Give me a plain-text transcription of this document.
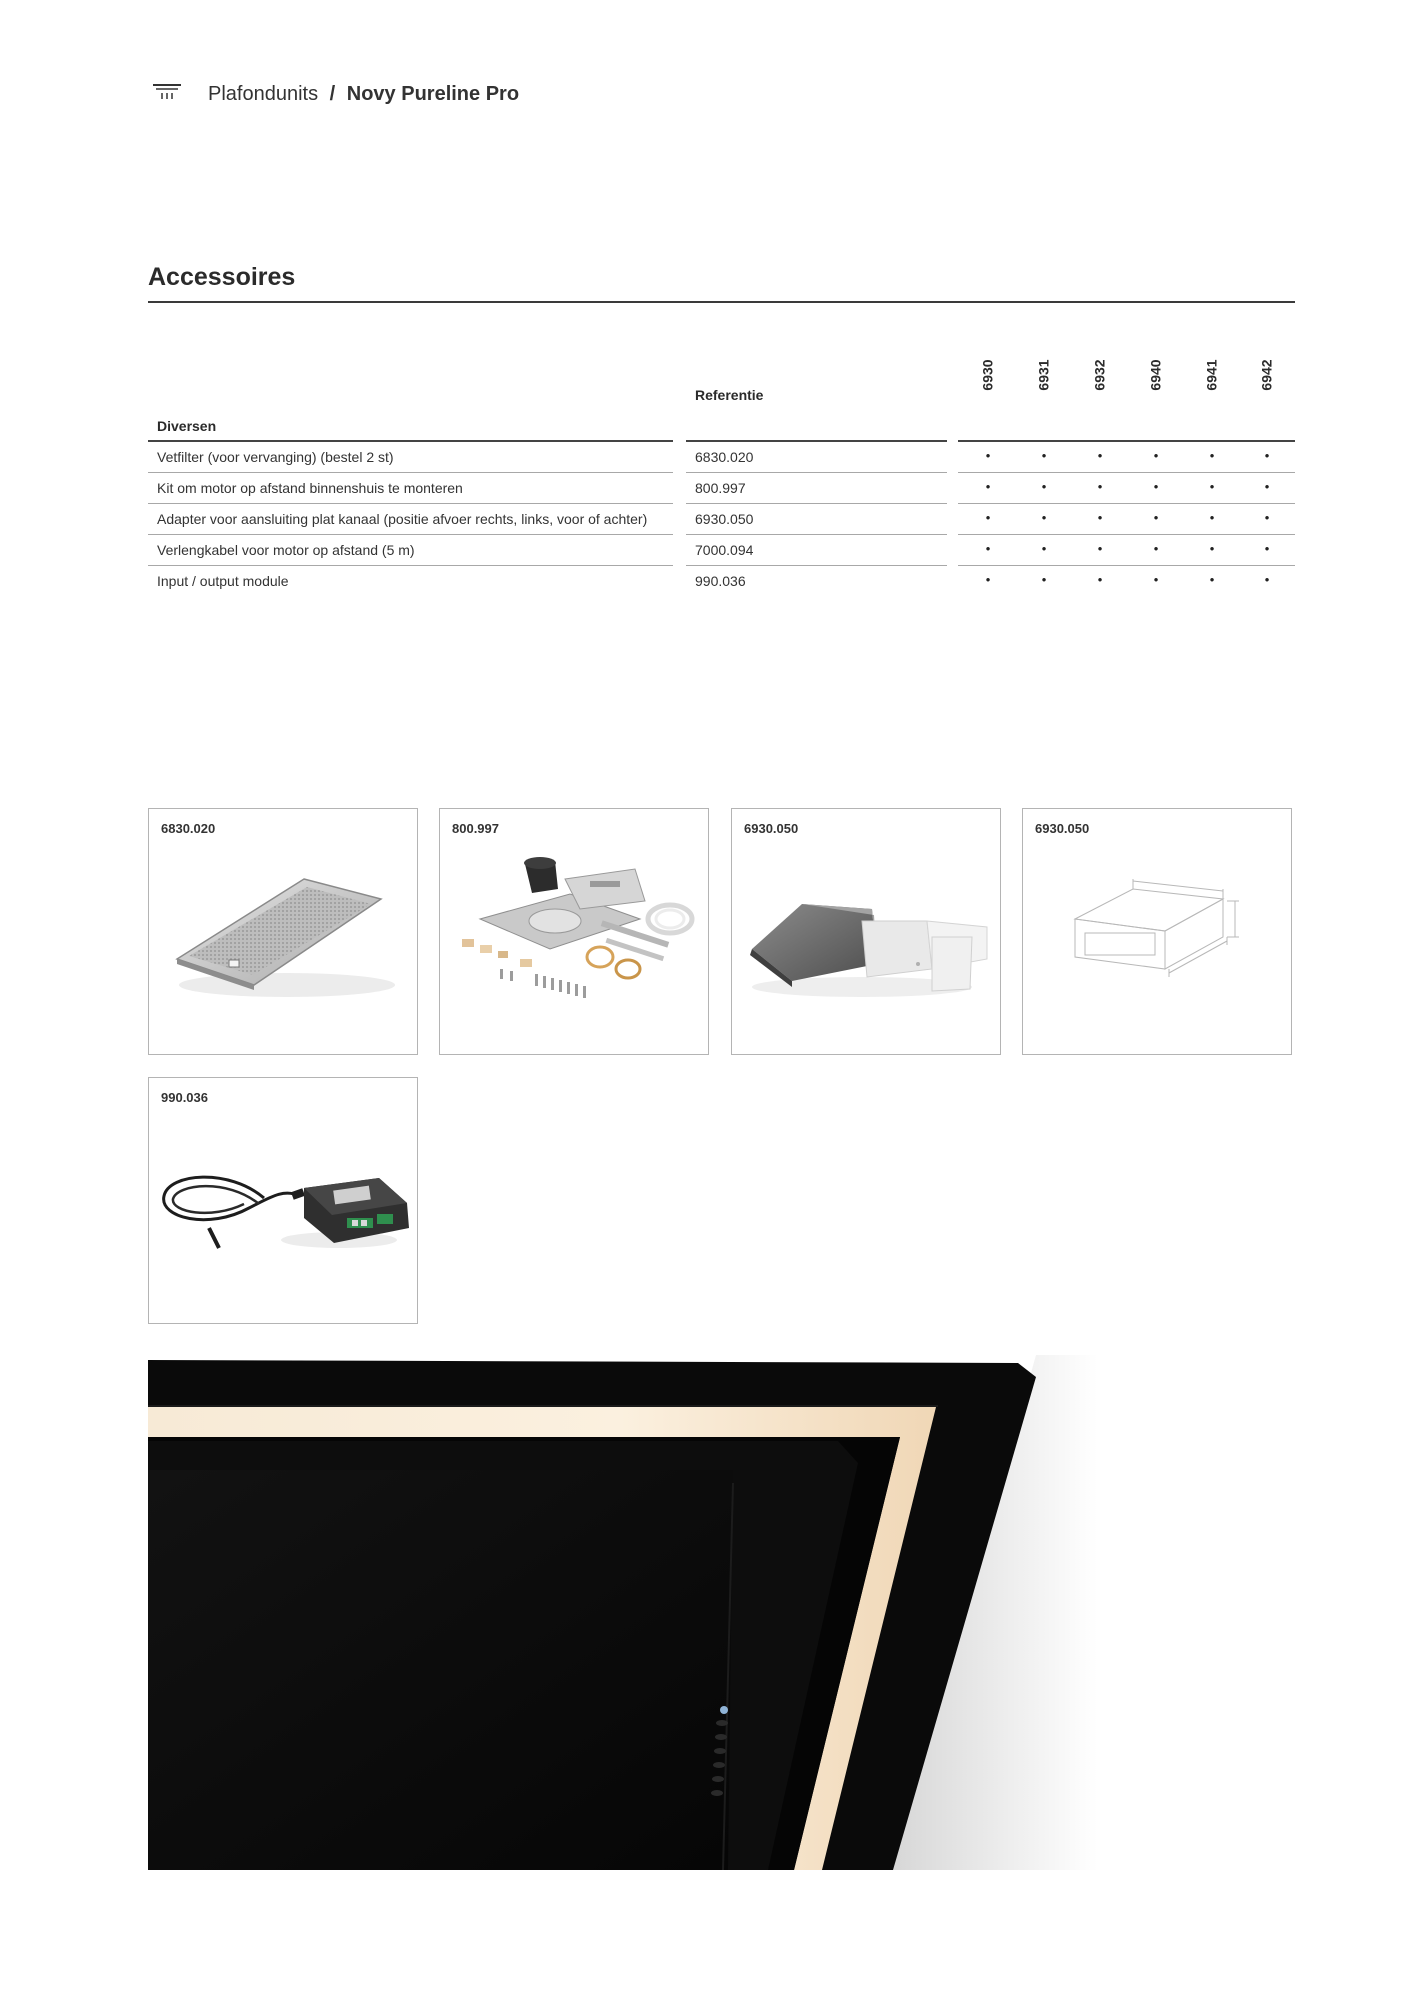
Plafondunits / Novy Pureline Pro
Accessoires
Referentie
6930	6931	6932	6940	6941	6942
Diversen
Vetfilter (voor vervanging) (bestel 2 st)	6830.020	•	•	•	•	•	•
Kit om motor op afstand binnenshuis te monteren	800.997	•	•	•	•	•	•
Adapter voor aansluiting plat kanaal (positie afvoer rechts, links, voor of achter)	6930.050	•	•	•	•	•	•
Verlengkabel voor motor op afstand (5 m)	7000.094	•	•	•	•	•	•
Input / output module	990.036	•	•	•	•	•	•
6830.020	800.997	6930.050	6930.050
990.036
